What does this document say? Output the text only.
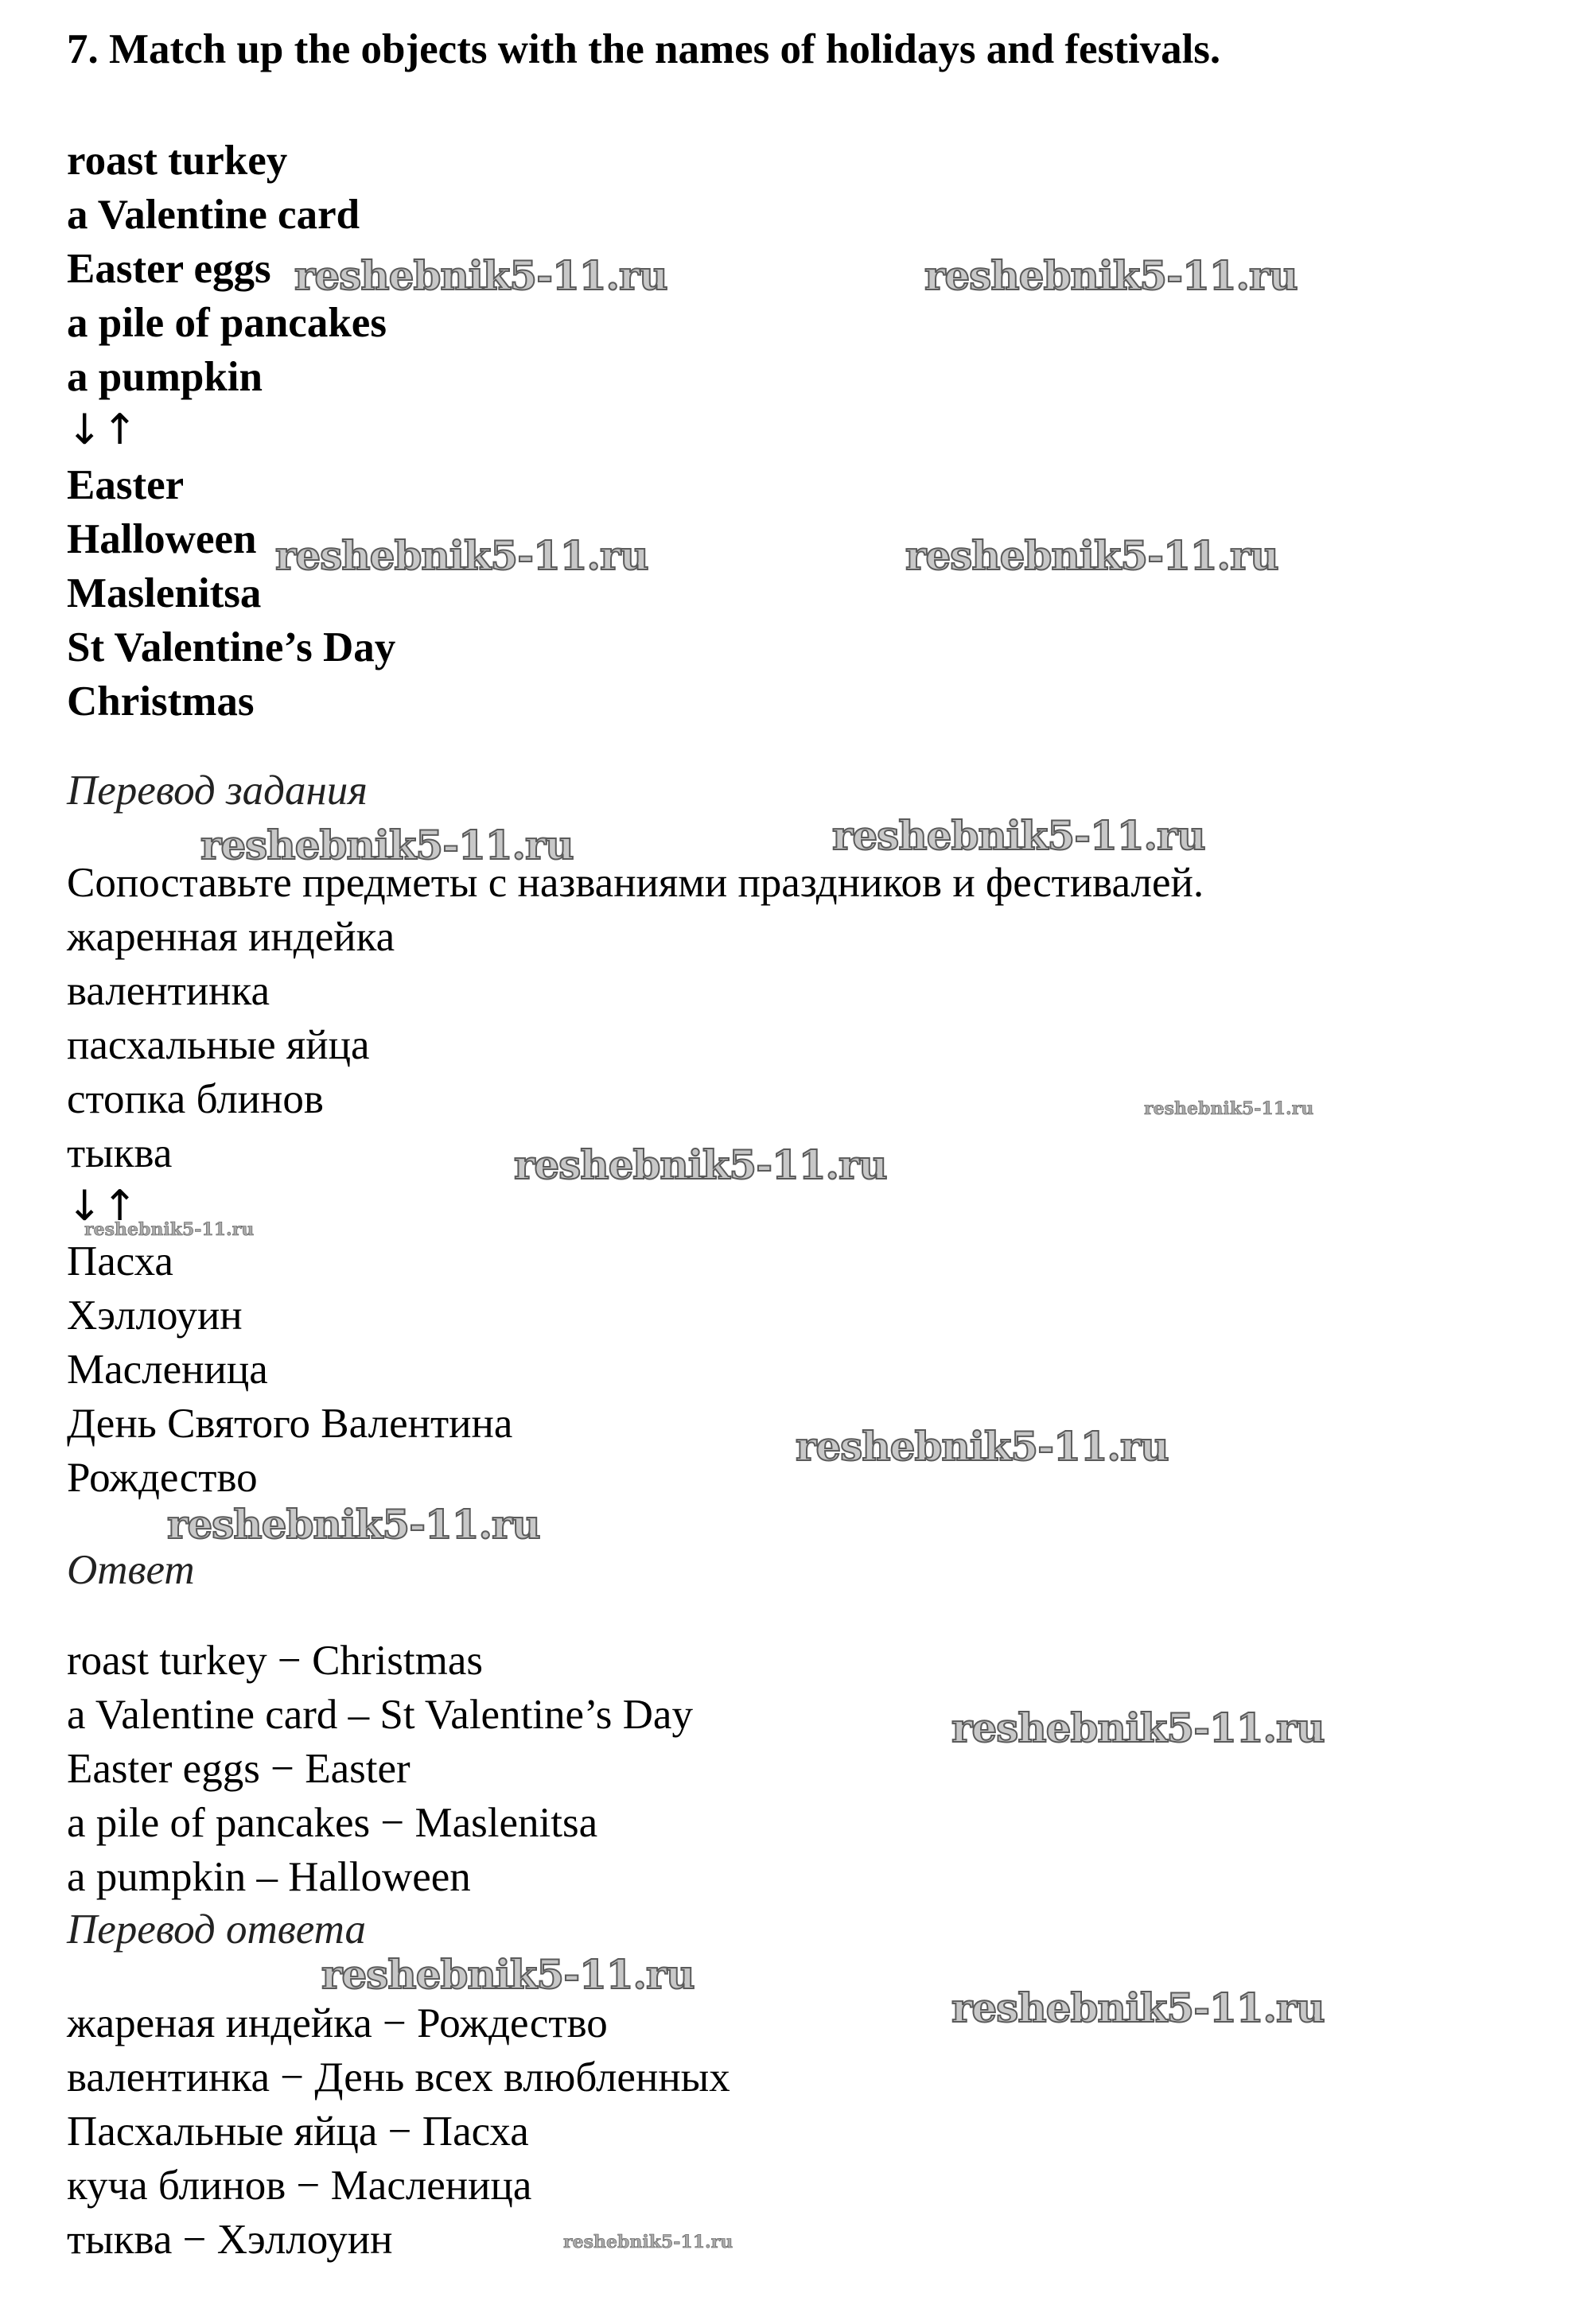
7. Match up the objects with the names of holidays and festivals.
roast turkey
a Valentine card
Easter eggs
a pile of pancakes
a pumpkin
↓↑
Easter
Halloween
Maslenitsa
St Valentine’s Day
Christmas
Перевод задания
Сопоставьте предметы с названиями праздников и фестивалей.
жаренная индейка
валентинка
пасхальные яйца
стопка блинов
тыква
↓↑
Пасха
Хэллоуин
Масленица
День Святого Валентина
Рождество
Ответ
roast turkey − Christmas
a Valentine card – St Valentine’s Day
Easter eggs − Easter
a pile of pancakes − Maslenitsa
a pumpkin – Halloween
Перевод ответа
жареная индейка − Рождество
валентинка − День всех влюбленных
Пасхальные яйца − Пасха
куча блинов − Масленица
тыква − Хэллоуин
reshebnik5-11.ru	reshebnik5-11.ru
reshebnik5-11.ru	reshebnik5-11.ru
reshebnik5-11.ru	reshebnik5-11.ru
reshebnik5-11.ru
reshebnik5-11.ru
reshebnik5-11.ru
reshebnik5-11.ru
reshebnik5-11.ru
reshebnik5-11.ru
reshebnik5-11.ru
reshebnik5-11.ru
reshebnik5-11.ru
